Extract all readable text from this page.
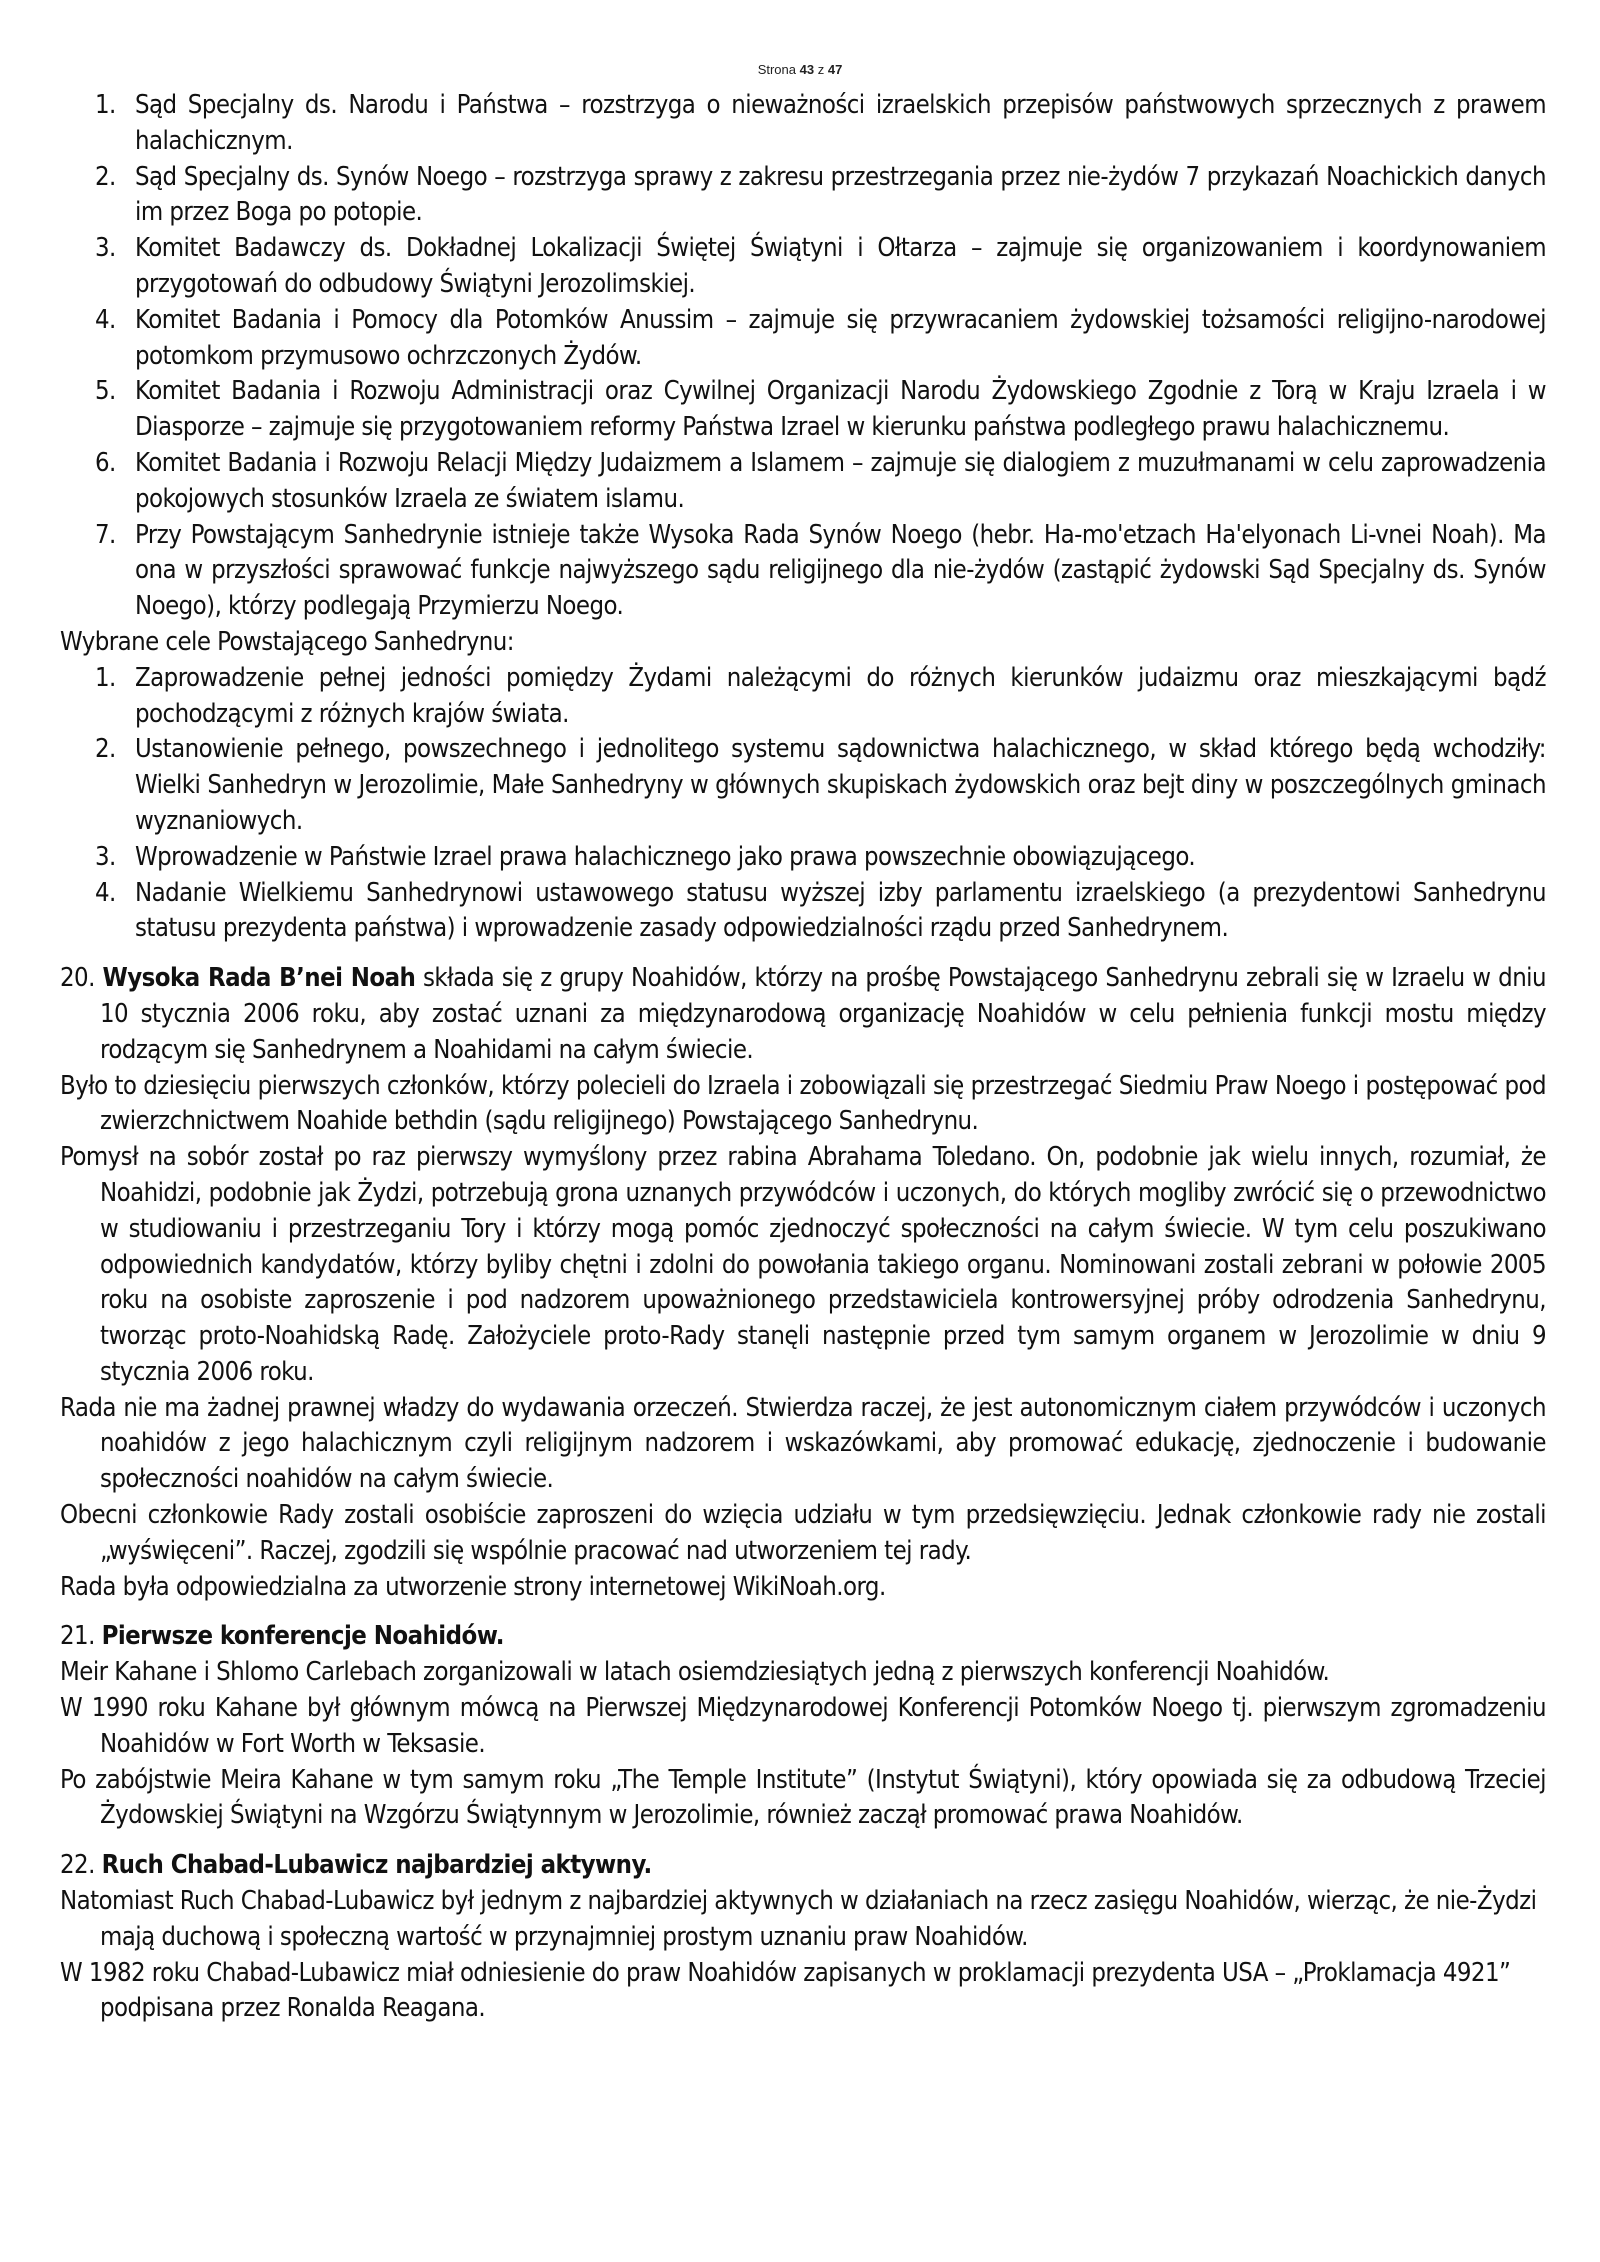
Strona 43 z 47
1. Sąd Specjalny ds. Narodu i Państwa – rozstrzyga o nieważności izraelskich przepisów państwowych sprzecznych z prawem halachicznym.
2. Sąd Specjalny ds. Synów Noego – rozstrzyga sprawy z zakresu przestrzegania przez nie-żydów 7 przykazań Noachickich danych im przez Boga po potopie.
3. Komitet Badawczy ds. Dokładnej Lokalizacji Świętej Świątyni i Ołtarza – zajmuje się organizowaniem i koordynowaniem przygotowań do odbudowy Świątyni Jerozolimskiej.
4. Komitet Badania i Pomocy dla Potomków Anussim – zajmuje się przywracaniem żydowskiej tożsamości religijno-narodowej potomkom przymusowo ochrzczonych Żydów.
5. Komitet Badania i Rozwoju Administracji oraz Cywilnej Organizacji Narodu Żydowskiego Zgodnie z Torą w Kraju Izraela i w Diasporze – zajmuje się przygotowaniem reformy Państwa Izrael w kierunku państwa podległego prawu halachicznemu.
6. Komitet Badania i Rozwoju Relacji Między Judaizmem a Islamem – zajmuje się dialogiem z muzułmanami w celu zaprowadzenia pokojowych stosunków Izraela ze światem islamu.
7. Przy Powstającym Sanhedrynie istnieje także Wysoka Rada Synów Noego (hebr. Ha-mo'etzach Ha'elyonach Li-vnei Noah). Ma ona w przyszłości sprawować funkcje najwyższego sądu religijnego dla nie-żydów (zastąpić żydowski Sąd Specjalny ds. Synów Noego), którzy podlegają Przymierzu Noego.

Wybrane cele Powstającego Sanhedrynu:

1. Zaprowadzenie pełnej jedności pomiędzy Żydami należącymi do różnych kierunków judaizmu oraz mieszkającymi bądź pochodzącymi z różnych krajów świata.
2. Ustanowienie pełnego, powszechnego i jednolitego systemu sądownictwa halachicznego, w skład którego będą wchodziły: Wielki Sanhedryn w Jerozolimie, Małe Sanhedryny w głównych skupiskach żydowskich oraz bejt diny w poszczególnych gminach wyznaniowych.
3. Wprowadzenie w Państwie Izrael prawa halachicznego jako prawa powszechnie obowiązującego.
4. Nadanie Wielkiemu Sanhedrynowi ustawowego statusu wyższej izby parlamentu izraelskiego (a prezydentowi Sanhedrynu statusu prezydenta państwa) i wprowadzenie zasady odpowiedzialności rządu przed Sanhedrynem.

20. Wysoka Rada B’nei Noah składa się z grupy Noahidów, którzy na prośbę Powstającego Sanhedrynu zebrali się w Izraelu w dniu 10 stycznia 2006 roku, aby zostać uznani za międzynarodową organizację Noahidów w celu pełnienia funkcji mostu między rodzącym się Sanhedrynem a Noahidami na całym świecie.

Było to dziesięciu pierwszych członków, którzy polecieli do Izraela i zobowiązali się przestrzegać Siedmiu Praw Noego i postępować pod zwierzchnictwem Noahide bethdin (sądu religijnego) Powstającego Sanhedrynu.

Pomysł na sobór został po raz pierwszy wymyślony przez rabina Abrahama Toledano. On, podobnie jak wielu innych, rozumiał, że Noahidzi, podobnie jak Żydzi, potrzebują grona uznanych przywódców i uczonych, do których mogliby zwrócić się o przewodnictwo w studiowaniu i przestrzeganiu Tory i którzy mogą pomóc zjednoczyć społeczności na całym świecie. W tym celu poszukiwano odpowiednich kandydatów, którzy byliby chętni i zdolni do powołania takiego organu. Nominowani zostali zebrani w połowie 2005 roku na osobiste zaproszenie i pod nadzorem upoważnionego przedstawiciela kontrowersyjnej próby odrodzenia Sanhedrynu, tworząc proto-Noahidską Radę. Założyciele proto-Rady stanęli następnie przed tym samym organem w Jerozolimie w dniu 9 stycznia 2006 roku.

Rada nie ma żadnej prawnej władzy do wydawania orzeczeń. Stwierdza raczej, że jest autonomicznym ciałem przywódców i uczonych noahidów z jego halachicznym czyli religijnym nadzorem i wskazówkami, aby promować edukację, zjednoczenie i budowanie społeczności noahidów na całym świecie.

Obecni członkowie Rady zostali osobiście zaproszeni do wzięcia udziału w tym przedsięwzięciu. Jednak członkowie rady nie zostali „wyświęceni”. Raczej, zgodzili się wspólnie pracować nad utworzeniem tej rady.

Rada była odpowiedzialna za utworzenie strony internetowej WikiNoah.org.

21. Pierwsze konferencje Noahidów.

Meir Kahane i Shlomo Carlebach zorganizowali w latach osiemdziesiątych jedną z pierwszych konferencji Noahidów.

W 1990 roku Kahane był głównym mówcą na Pierwszej Międzynarodowej Konferencji Potomków Noego tj. pierwszym zgromadzeniu Noahidów w Fort Worth w Teksasie.

Po zabójstwie Meira Kahane w tym samym roku „The Temple Institute” (Instytut Świątyni), który opowiada się za odbudową Trzeciej Żydowskiej Świątyni na Wzgórzu Świątynnym w Jerozolimie, również zaczął promować prawa Noahidów.

22. Ruch Chabad-Lubawicz najbardziej aktywny.

Natomiast Ruch Chabad-Lubawicz był jednym z najbardziej aktywnych w działaniach na rzecz zasięgu Noahidów, wierząc, że nie-Żydzi mają duchową i społeczną wartość w przynajmniej prostym uznaniu praw Noahidów.

W 1982 roku Chabad-Lubawicz miał odniesienie do praw Noahidów zapisanych w proklamacji prezydenta USA – „Proklamacja 4921” podpisana przez Ronalda Reagana.
